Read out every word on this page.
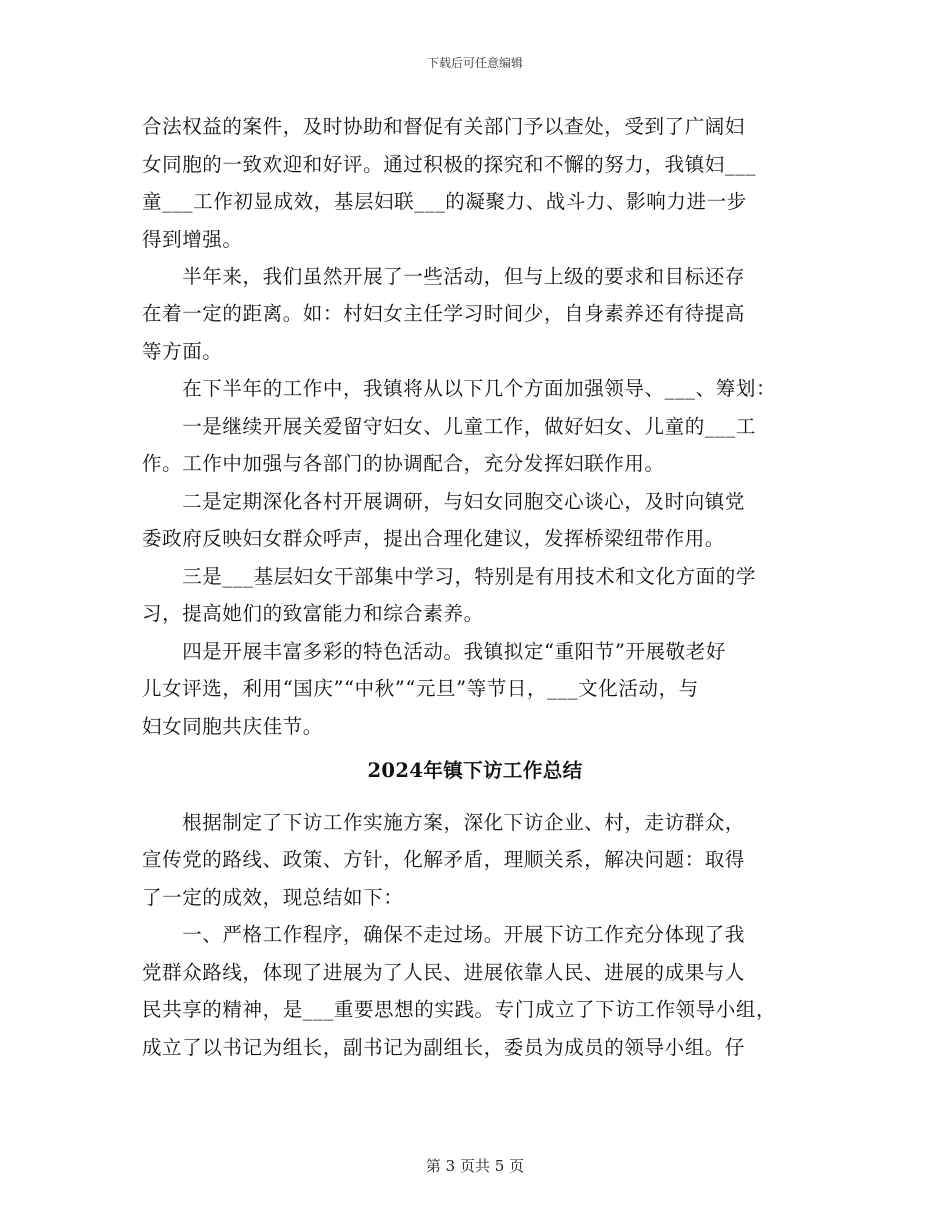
下载后可任意编辑
合法权益的案件，及时协助和督促有关部门予以查处，受到了广阔妇
女同胞的一致欢迎和好评。通过积极的探究和不懈的努力，我镇妇___
童___工作初显成效，基层妇联___的凝聚力、战斗力、影响力进一步
得到增强。
　　半年来，我们虽然开展了一些活动，但与上级的要求和目标还存
在着一定的距离。如：村妇女主任学习时间少，自身素养还有待提高
等方面。
　　在下半年的工作中，我镇将从以下几个方面加强领导、___、筹划：
　　一是继续开展关爱留守妇女、儿童工作，做好妇女、儿童的___工
作。工作中加强与各部门的协调配合，充分发挥妇联作用。
　　二是定期深化各村开展调研，与妇女同胞交心谈心，及时向镇党
委政府反映妇女群众呼声，提出合理化建议，发挥桥梁纽带作用。
　　三是___基层妇女干部集中学习，特别是有用技术和文化方面的学
习，提高她们的致富能力和综合素养。
　　四是开展丰富多彩的特色活动。我镇拟定“重阳节”开展敬老好
儿女评选，利用“国庆”“中秋”“元旦”等节日，___文化活动，与
妇女同胞共庆佳节。
2024年镇下访工作总结
　　根据制定了下访工作实施方案，深化下访企业、村，走访群众，
宣传党的路线、政策、方针，化解矛盾，理顺关系，解决问题：取得
了一定的成效，现总结如下：
　　一、严格工作程序，确保不走过场。开展下访工作充分体现了我
党群众路线，体现了进展为了人民、进展依靠人民、进展的成果与人
民共享的精神，是___重要思想的实践。专门成立了下访工作领导小组，
成立了以书记为组长，副书记为副组长，委员为成员的领导小组。仔
第 3 页共 5 页
